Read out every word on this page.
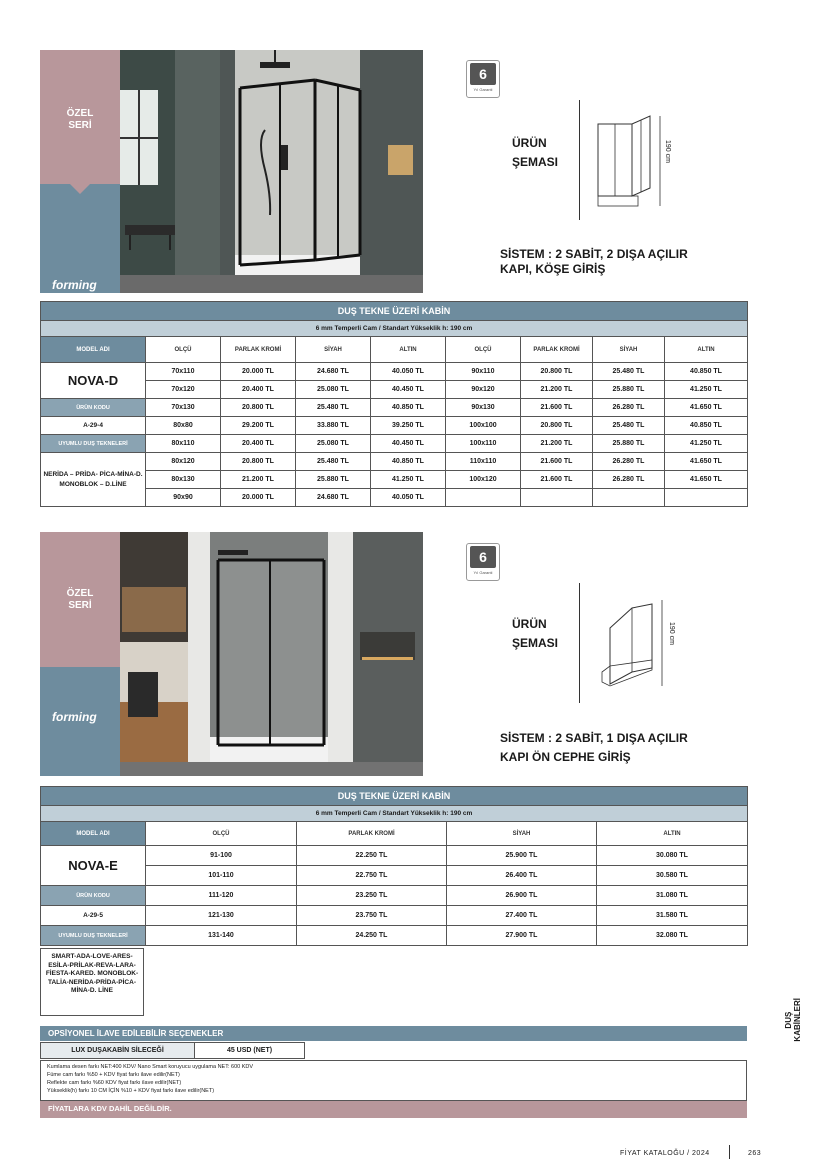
ÖZEL
SERİ
forming
6
Yıl Garanti
ÜRÜN
ŞEMASI	190 cm
SİSTEM : 2 SABİT, 2 DIŞA AÇILIR
KAPI, KÖŞE GİRİŞ
DUŞ TEKNE ÜZERİ KABİN								
6 mm Temperli Cam / Standart Yükseklik h: 190 cm								
MODEL ADI	OLÇÜ	PARLAK KROMİ	SİYAH	ALTIN	OLÇÜ	PARLAK KROMİ	SİYAH	ALTIN
NOVA-D	70x110	20.000 TL	24.680 TL	40.050 TL	90x110	20.800 TL	25.480 TL	40.850 TL
	70x120	20.400 TL	25.080 TL	40.450 TL	90x120	21.200 TL	25.880 TL	41.250 TL
ÜRÜN KODU	70x130	20.800 TL	25.480 TL	40.850 TL	90x130	21.600 TL	26.280 TL	41.650 TL
A-29-4	80x80	29.200 TL	33.880 TL	39.250 TL	100x100	20.800 TL	25.480 TL	40.850 TL
UYUMLU DUŞ TEKNELERİ	80x110	20.400 TL	25.080 TL	40.450 TL	100x110	21.200 TL	25.880 TL	41.250 TL
NERİDA – PRİDA- PİCA-MİNA-D. MONOBLOK – D.LİNE	80x120	20.800 TL	25.480 TL	40.850 TL	110x110	21.600 TL	26.280 TL	41.650 TL
	80x130	21.200 TL	25.880 TL	41.250 TL	100x120	21.600 TL	26.280 TL	41.650 TL
	90x90	20.000 TL	24.680 TL	40.050 TL				
ÖZEL
SERİ
forming
6
Yıl Garanti
ÜRÜN
ŞEMASI	190 cm
SİSTEM : 2 SABİT, 1 DIŞA AÇILIR
KAPI ÖN CEPHE GİRİŞ
DUŞ TEKNE ÜZERİ KABİN				
6 mm Temperli Cam / Standart Yükseklik h: 190 cm				
MODEL ADI	OLÇÜ	PARLAK KROMİ	SİYAH	ALTIN
NOVA-E	91-100	22.250 TL	25.900 TL	30.080 TL
	101-110	22.750 TL	26.400 TL	30.580 TL
ÜRÜN KODU	111-120	23.250 TL	26.900 TL	31.080 TL
A-29-5	121-130	23.750 TL	27.400 TL	31.580 TL
UYUMLU DUŞ TEKNELERİ	131-140	24.250 TL	27.900 TL	32.080 TL
SMART-ADA-LOVE-ARES-ESİLA-PRİLAK-REVA-LARA-FİESTA-KARED. MONOBLOK-TALİA-NERİDA-PRİDA-PİCA-MİNA-D. LİNE
OPSİYONEL İLAVE EDİLEBİLİR SEÇENEKLER
LUX DUŞAKABİN SİLECEĞİ	45 USD (NET)
Kumlama desen farkı NET:400 KDV/ Nano Smart koruyucu uygulama NET: 600 KDV
Füme cam farkı %50 + KDV fiyat farkı ilave edilir(NET)
Reflekte cam farkı %60 KDV fiyat farkı ilave edilir(NET)
Yükseklik(h) farkı 10 CM İÇİN %10 + KDV fiyat farkı ilave edilir(NET)
FİYATLARA KDV DAHİL DEĞİLDİR.
DUŞ KABİNLERİ
FİYAT KATALOĞU / 2024	263
